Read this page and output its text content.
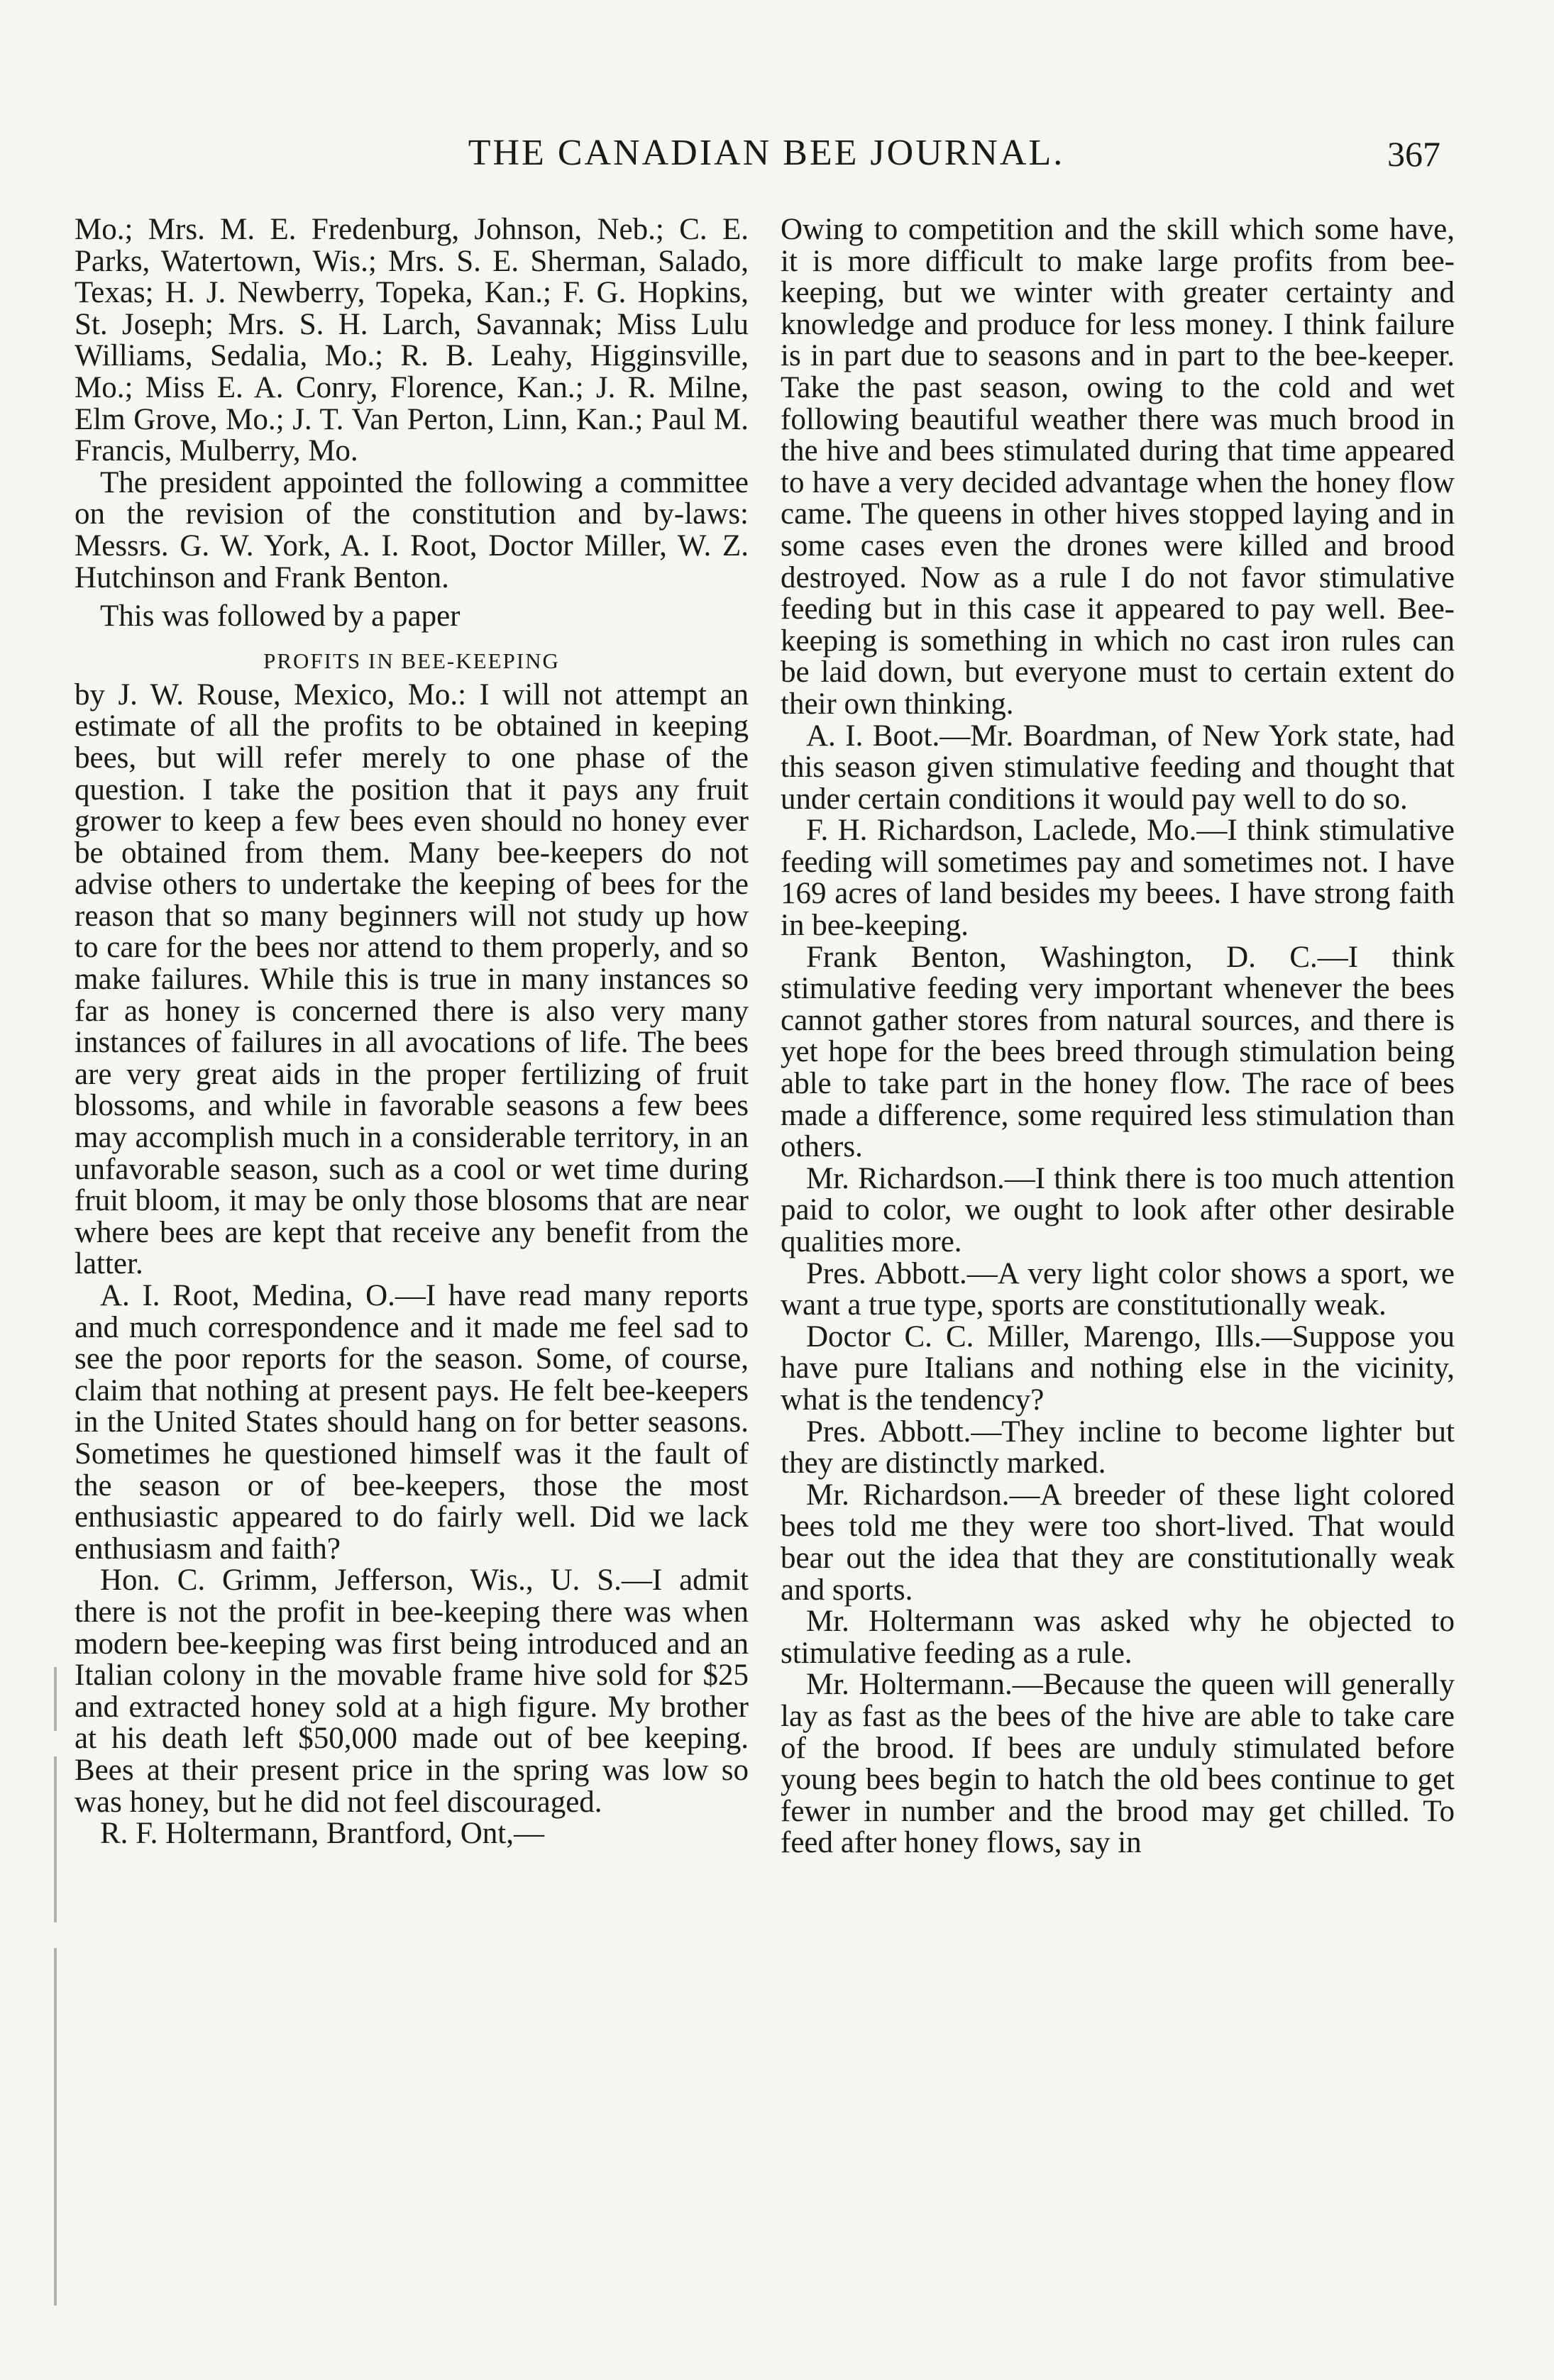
THE CANADIAN BEE JOURNAL.	367

Mo.; Mrs. M. E. Fredenburg, Johnson, Neb.; C. E. Parks, Watertown, Wis.; Mrs. S. E. Sherman, Salado, Texas; H. J. Newberry, Topeka, Kan.; F. G. Hopkins, St. Joseph; Mrs. S. H. Larch, Savannak; Miss Lulu Williams, Sedalia, Mo.; R. B. Leahy, Higginsville, Mo.; Miss E. A. Conry, Florence, Kan.; J. R. Milne, Elm Grove, Mo.; J. T. Van Perton, Linn, Kan.; Paul M. Francis, Mulberry, Mo.

The president appointed the following a committee on the revision of the constitution and by-laws: Messrs. G. W. York, A. I. Root, Doctor Miller, W. Z. Hutchinson and Frank Benton.

This was followed by a paper

PROFITS IN BEE-KEEPING

by J. W. Rouse, Mexico, Mo.: I will not attempt an estimate of all the profits to be obtained in keeping bees, but will refer merely to one phase of the question. I take the position that it pays any fruit grower to keep a few bees even should no honey ever be obtained from them. Many bee-keepers do not advise others to undertake the keeping of bees for the reason that so many beginners will not study up how to care for the bees nor attend to them properly, and so make failures. While this is true in many instances so far as honey is concerned there is also very many instances of failures in all avocations of life. The bees are very great aids in the proper fertilizing of fruit blossoms, and while in favorable seasons a few bees may accomplish much in a considerable territory, in an unfavorable season, such as a cool or wet time during fruit bloom, it may be only those blosoms that are near where bees are kept that receive any benefit from the latter.

A. I. Root, Medina, O.—I have read many reports and much correspondence and it made me feel sad to see the poor reports for the season. Some, of course, claim that nothing at present pays. He felt bee-keepers in the United States should hang on for better seasons. Sometimes he questioned himself was it the fault of the season or of bee-keepers, those the most enthusiastic appeared to do fairly well. Did we lack enthusiasm and faith?

Hon. C. Grimm, Jefferson, Wis., U. S.—I admit there is not the profit in bee-keeping there was when modern bee-keeping was first being introduced and an Italian colony in the movable frame hive sold for $25 and extracted honey sold at a high figure. My brother at his death left $50,000 made out of bee keeping. Bees at their present price in the spring was low so was honey, but he did not feel discouraged.

R. F. Holtermann, Brantford, Ont,—

Owing to competition and the skill which some have, it is more difficult to make large profits from bee-keeping, but we winter with greater certainty and knowledge and produce for less money. I think failure is in part due to seasons and in part to the bee-keeper. Take the past season, owing to the cold and wet following beautiful weather there was much brood in the hive and bees stimulated during that time appeared to have a very decided advantage when the honey flow came. The queens in other hives stopped laying and in some cases even the drones were killed and brood destroyed. Now as a rule I do not favor stimulative feeding but in this case it appeared to pay well. Bee-keeping is something in which no cast iron rules can be laid down, but everyone must to certain extent do their own thinking.

A. I. Boot.—Mr. Boardman, of New York state, had this season given stimulative feeding and thought that under certain conditions it would pay well to do so.

F. H. Richardson, Laclede, Mo.—I think stimulative feeding will sometimes pay and sometimes not. I have 169 acres of land besides my beees. I have strong faith in bee-keeping.

Frank Benton, Washington, D. C.—I think stimulative feeding very important whenever the bees cannot gather stores from natural sources, and there is yet hope for the bees breed through stimulation being able to take part in the honey flow. The race of bees made a difference, some required less stimulation than others.

Mr. Richardson.—I think there is too much attention paid to color, we ought to look after other desirable qualities more.

Pres. Abbott.—A very light color shows a sport, we want a true type, sports are constitutionally weak.

Doctor C. C. Miller, Marengo, Ills.—Suppose you have pure Italians and nothing else in the vicinity, what is the tendency?

Pres. Abbott.—They incline to become lighter but they are distinctly marked.

Mr. Richardson.—A breeder of these light colored bees told me they were too short-lived. That would bear out the idea that they are constitutionally weak and sports.

Mr. Holtermann was asked why he objected to stimulative feeding as a rule.

Mr. Holtermann.—Because the queen will generally lay as fast as the bees of the hive are able to take care of the brood. If bees are unduly stimulated before young bees begin to hatch the old bees continue to get fewer in number and the brood may get chilled. To feed after honey flows, say in
